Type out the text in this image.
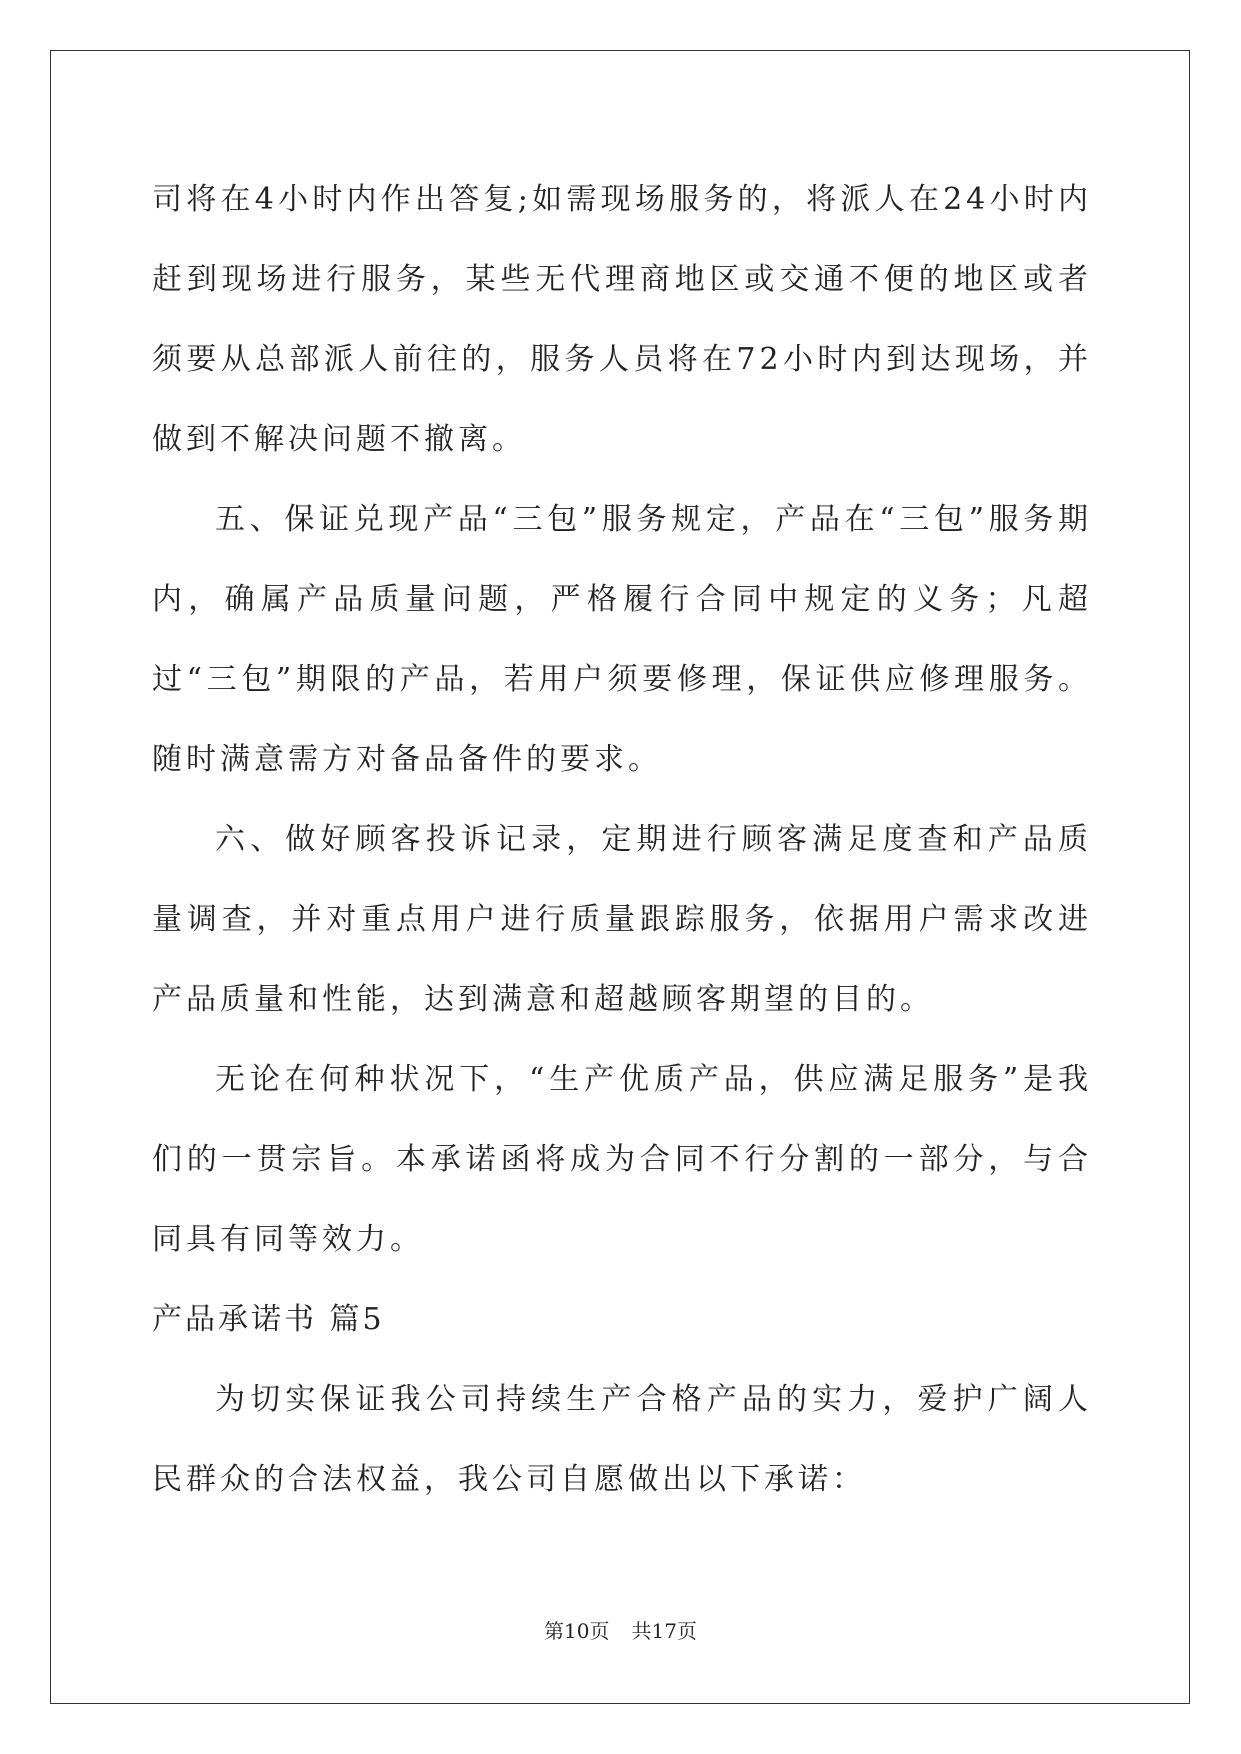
司将在4小时内作出答复;如需现场服务的，将派人在24小时内赶到现场进行服务，某些无代理商地区或交通不便的地区或者须要从总部派人前往的，服务人员将在72小时内到达现场，并做到不解决问题不撤离。

五、保证兑现产品“三包”服务规定，产品在“三包”服务期内，确属产品质量问题，严格履行合同中规定的义务；凡超过“三包”期限的产品，若用户须要修理，保证供应修理服务。随时满意需方对备品备件的要求。

六、做好顾客投诉记录，定期进行顾客满足度查和产品质量调查，并对重点用户进行质量跟踪服务，依据用户需求改进产品质量和性能，达到满意和超越顾客期望的目的。

无论在何种状况下，“生产优质产品，供应满足服务”是我们的一贯宗旨。本承诺函将成为合同不行分割的一部分，与合同具有同等效力。

产品承诺书 篇5

为切实保证我公司持续生产合格产品的实力，爱护广阔人民群众的合法权益，我公司自愿做出以下承诺：

第10页 共17页
